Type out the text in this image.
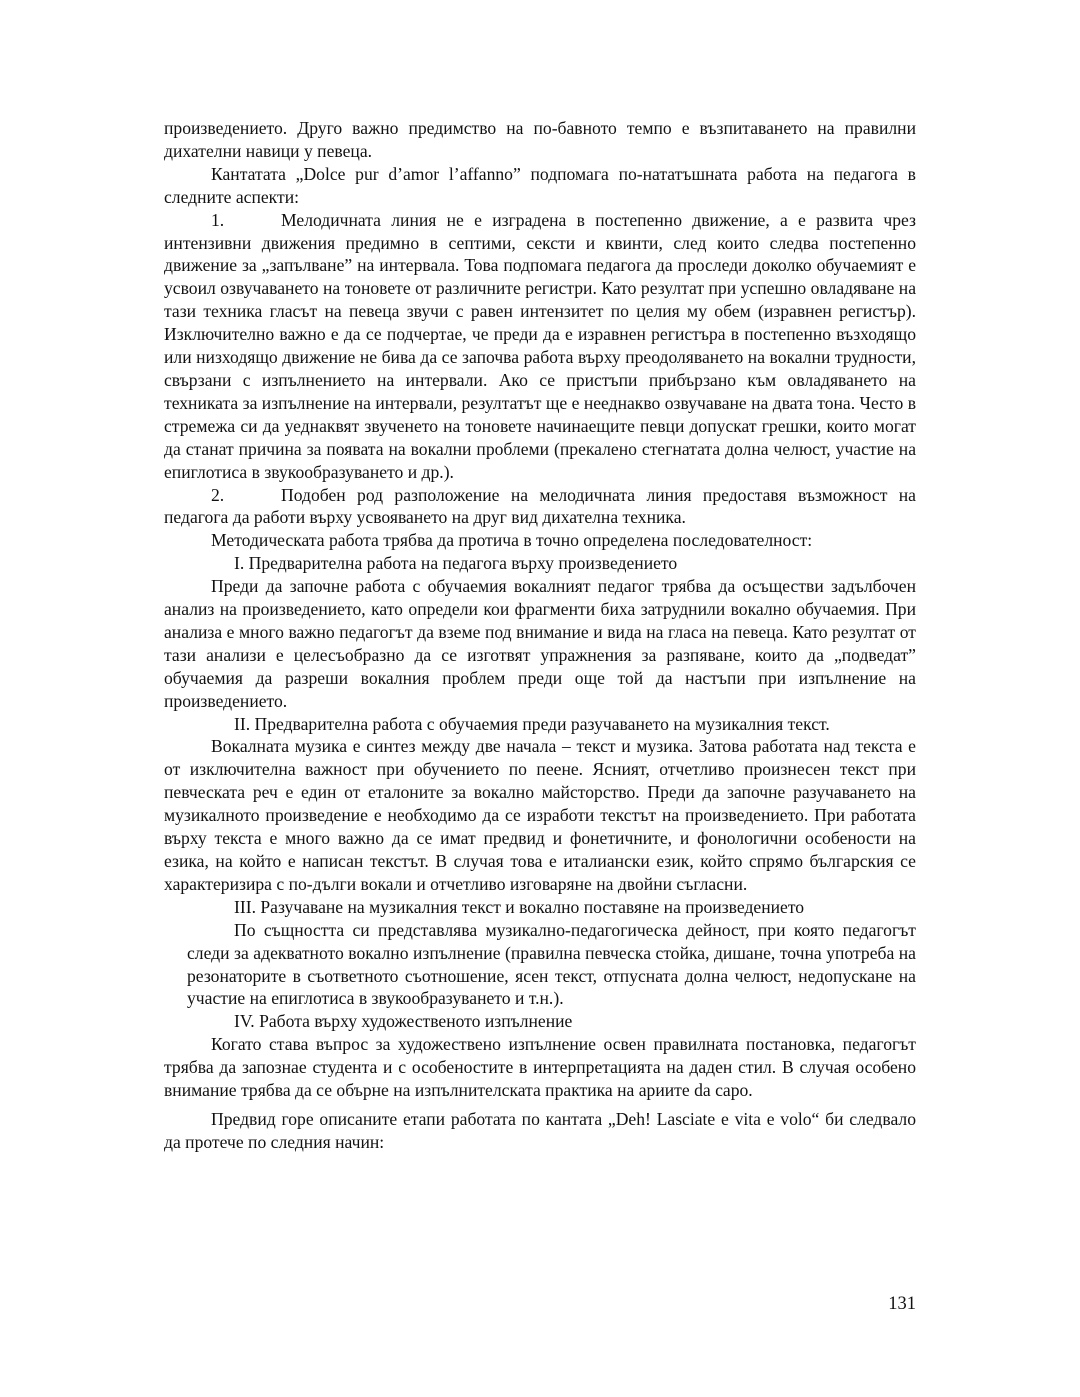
произведението. Друго важно предимство на по-бавното темпо е възпитаването на правилни дихателни навици у певеца.

Кантатата „Dolce pur d’amor l’affanno” подпомага по-нататъшната работа на педагога в следните аспекти:

1.	Мелодичната линия не е изградена в постепенно движение, а е развита чрез интензивни движения предимно в септими, сексти и квинти, след които следва постепенно движение за „запълване” на интервала. Това подпомага педагога да проследи доколко обучаемият е усвоил озвучаването на тоновете от различните регистри. Като резултат при успешно овладяване на тази техника гласът на певеца звучи с равен интензитет по целия му обем (изравнен регистър). Изключително важно е да се подчертае, че преди да е изравнен регистъра в постепенно възходящо или низходящо движение не бива да се започва работа върху преодоляването на вокални трудности, свързани с изпълнението на интервали. Ако се пристъпи прибързано към овладяването на техниката за изпълнение на интервали, резултатът ще е нееднакво озвучаване на двата тона. Често в стремежа си да уеднаквят звученето на тоновете начинаещите певци допускат грешки, които могат да станат причина за появата на вокални проблеми (прекалено стегнатата долна челюст, участие на епиглотиса в звукообразуването и др.).

2.	Подобен род разположение на мелодичната линия предоставя възможност на педагога да работи върху усвояването на друг вид дихателна техника.

Методическата работа трябва да протича в точно определена последователност:

I. Предварителна работа на педагога върху произведението

Преди да започне работа с обучаемия вокалният педагог трябва да осъществи задълбочен анализ на произведението, като определи кои фрагменти биха затруднили вокално обучаемия. При анализа е много важно педагогът да вземе под внимание и вида на гласа на певеца. Като резултат от тази анализи е целесъобразно да се изготвят упражнения за разпяване, които да „подведат” обучаемия да разреши вокалния проблем преди още той да настъпи при изпълнение на произведението.

II. Предварителна работа с обучаемия преди разучаването на музикалния текст.

Вокалната музика е синтез между две начала – текст и музика. Затова работата над текста е от изключителна важност при обучението по пеене. Ясният, отчетливо произнесен текст при певческата реч е един от еталоните за вокално майсторство. Преди да започне разучаването на музикалното произведение е необходимо да се изработи текстът на произведението. При работата върху текста е много важно да се имат предвид и фонетичните, и фонологични особености на езика, на който е написан текстът. В случая това е италиански език, който спрямо българския се характеризира с по-дълги вокали и отчетливо изговаряне на двойни съгласни.

III. Разучаване на музикалния текст и вокално поставяне на произведението

По същността си представлява музикално-педагогическа дейност, при която педагогът следи за адекватното вокално изпълнение (правилна певческа стойка, дишане, точна употреба на резонаторите в съответното съотношение, ясен текст, отпусната долна челюст, недопускане на участие на епиглотиса в звукообразуването и т.н.).

IV. Работа върху художественото изпълнение

Когато става въпрос за художествено изпълнение освен правилната постановка, педагогът трябва да запознае студента и с особеностите в интерпретацията на даден стил. В случая особено внимание трябва да се обърне на изпълнителската практика на ариите da capo.

Предвид горе описаните етапи работата по кантата „Deh! Lasciate e vita e volo“ би следвало да протече по следния начин:

131
